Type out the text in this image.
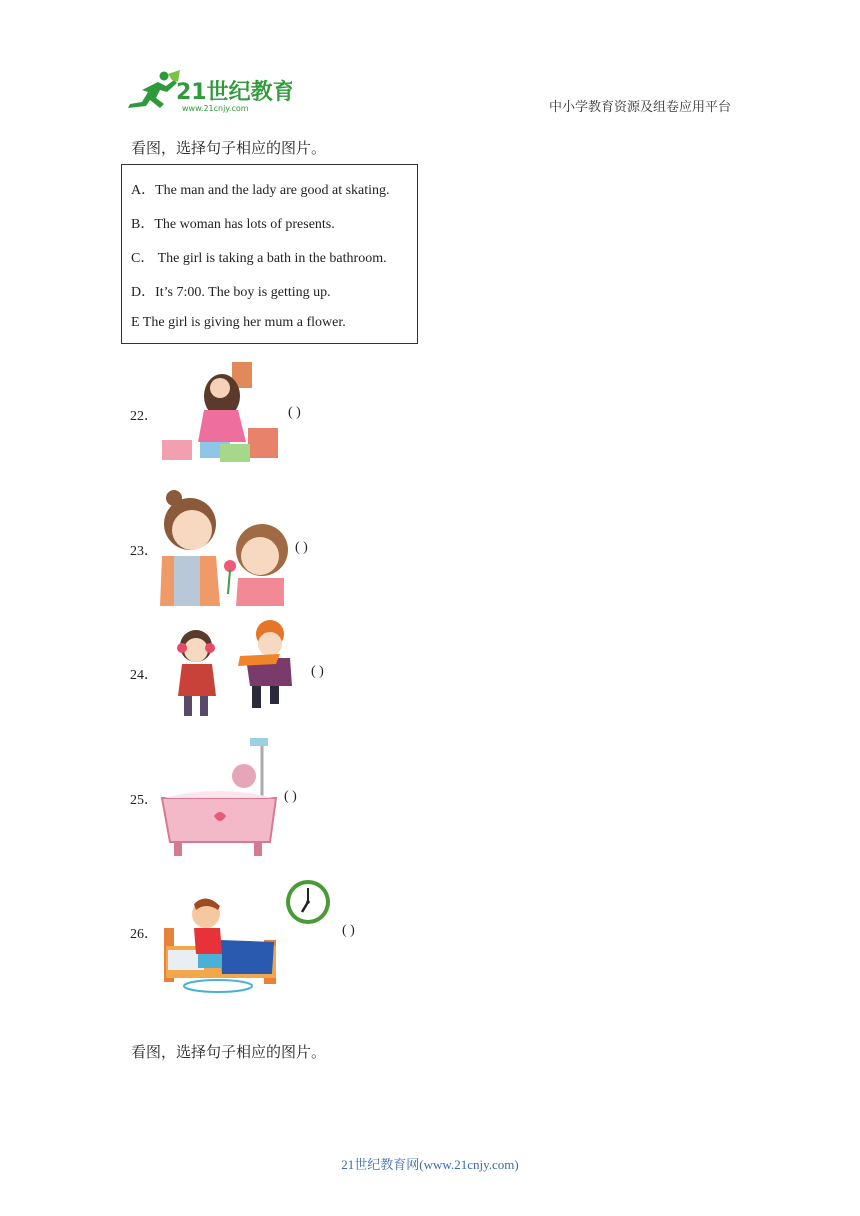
21世纪教育
www.21cnjy.com	中小学教育资源及组卷应用平台
看图，选择句子相应的图片。
A．The man and the lady are good at skating.
B．The woman has lots of presents.
C． The girl is taking a bath in the bathroom.
D．It’s 7:00. The boy is getting up.
E The girl is giving her mum a flower.
22．	( )
23．	( )
24．	( )
25．	( )
26．	( )
看图，选择句子相应的图片。
21世纪教育网(www.21cnjy.com)
